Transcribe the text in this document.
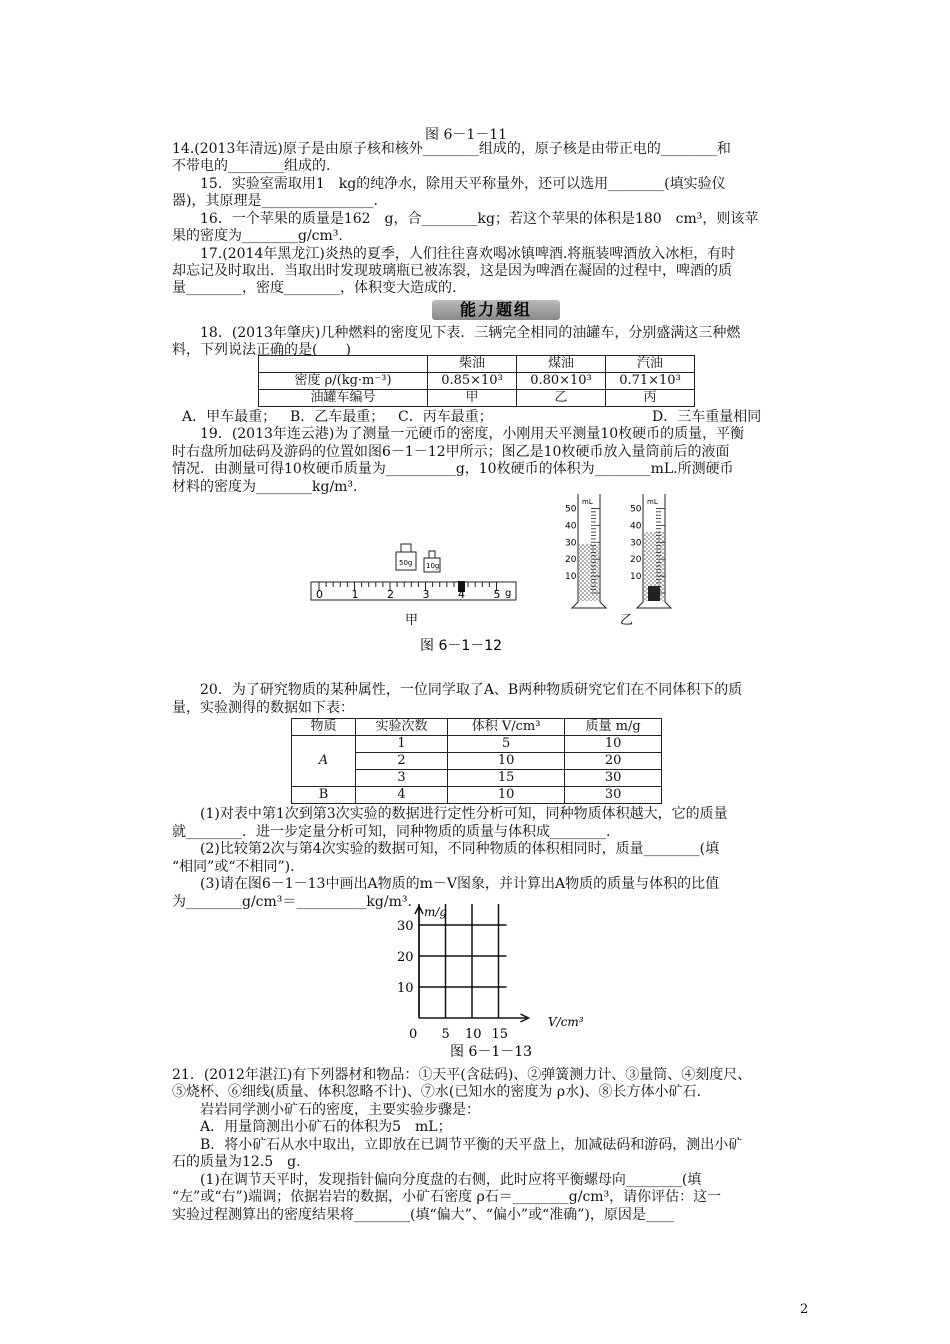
图 6－1－11
14.(2013年清远)原子是由原子核和核外________组成的，原子核是由带正电的________和
不带电的________组成的.
　　15．实验室需取用1　kg的纯净水，除用天平称量外，还可以选用________(填实验仪
器)，其原理是________________.
　　16．一个苹果的质量是162　g，合________kg；若这个苹果的体积是180　cm³，则该苹
果的密度为________g/cm³.
　　17.(2014年黑龙江)炎热的夏季，人们往往喜欢喝冰镇啤酒.将瓶装啤酒放入冰柜，有时
却忘记及时取出．当取出时发现玻璃瓶已被冻裂，这是因为啤酒在凝固的过程中，啤酒的质
量________，密度________，体积变大造成的.
能力题组
　　18．(2013年肇庆)几种燃料的密度见下表．三辆完全相同的油罐车，分别盛满这三种燃
料，下列说法正确的是(　　)
	柴油	煤油	汽油
密度 ρ/(kg·m⁻³)	0.85×10³	0.80×10³	0.71×10³
油罐车编号	甲	乙	丙
A．甲车最重； B．乙车最重； C．丙车最重；	D．三车重量相同
　　19．(2013年连云港)为了测量一元硬币的密度，小刚用天平测量10枚硬币的质量，平衡
时右盘所加砝码及游码的位置如图6－1－12甲所示；图乙是10枚硬币放入量筒前后的液面
情况．由测量可得10枚硬币质量为__________g，10枚硬币的体积为________mL.所测硬币
材料的密度为________kg/m³.
50g 10g
0	1	2	3	4	5 g
甲	乙
图 6－1－12
mL
50
40
30
20
10
mL
50
40
30
20
10
　　20．为了研究物质的某种属性，一位同学取了A、B两种物质研究它们在不同体积下的质
量，实验测得的数据如下表：
物质	实验次数	体积 V/cm³	质量 m/g
A	1	5	10
	2	10	20
	3	15	30
B	4	10	30
　　(1)对表中第1次到第3次实验的数据进行定性分析可知，同种物质体积越大，它的质量
就________．进一步定量分析可知，同种物质的质量与体积成________.
　　(2)比较第2次与第4次实验的数据可知，不同种物质的体积相同时，质量________(填
“相同”或“不相同”).
　　(3)请在图6－1－13中画出A物质的m－V图象，并计算出A物质的质量与体积的比值
为________g/cm³＝__________kg/m³.
m/g
V/cm³
30
20
10
0 5 10 15
图 6－1－13
21．(2012年湛江)有下列器材和物品：①天平(含砝码)、②弹簧测力计、③量筒、④刻度尺、
⑤烧杯、⑥细线(质量、体积忽略不计)、⑦水(已知水的密度为 ρ水)、⑧长方体小矿石.
　　岩岩同学测小矿石的密度，主要实验步骤是：
　　A．用量筒测出小矿石的体积为5　mL；
　　B．将小矿石从水中取出，立即放在已调节平衡的天平盘上，加减砝码和游码，测出小矿
石的质量为12.5　g.
　　(1)在调节天平时，发现指针偏向分度盘的右侧，此时应将平衡螺母向________(填
“左”或“右”)端调；依据岩岩的数据，小矿石密度 ρ石＝________g/cm³，请你评估：这一
实验过程测算出的密度结果将________(填“偏大”、“偏小”或“准确”)，原因是____
2
